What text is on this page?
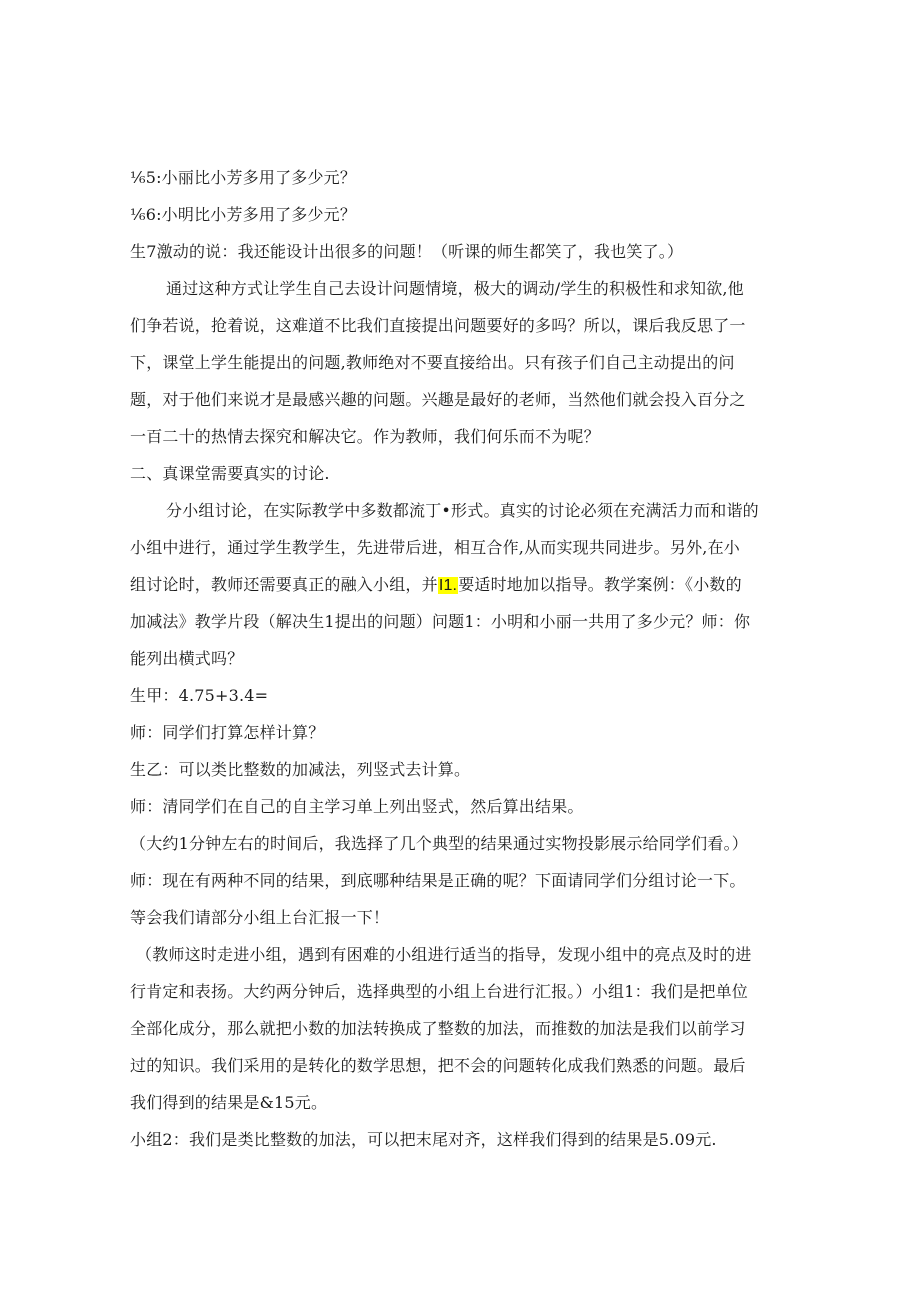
⅙5:小丽比小芳多用了多少元？
⅙6:小明比小芳多用了多少元？
生7激动的说：我还能设计出很多的问题！（听课的师生都笑了，我也笑了。）
通过这种方式让学生自己去设计问题情境，极大的调动/学生的积极性和求知欲,他
们争若说，抢着说，这难道不比我们直接提出问题要好的多吗？所以，课后我反思了一
下，课堂上学生能提出的问题,教师绝对不要直接给出。只有孩子们自己主动提出的问
题，对于他们来说才是最感兴趣的问题。兴趣是最好的老师，当然他们就会投入百分之
一百二十的热情去探究和解决它。作为教师，我们何乐而不为呢？
二、真课堂需要真实的讨论.
分小组讨论，在实际教学中多数都流丁•形式。真实的讨论必须在充满活力而和谐的
小组中进行，通过学生教学生，先进带后进，相互合作,从而实现共同进步。另外,在小
组讨论时，教师还需要真正的融入小组，并I1.要适时地加以指导。教学案例：《小数的
加减法》教学片段（解决生1提出的问题）问题1：小明和小丽一共用了多少元？师：你
能列出横式吗？
生甲：4.75+3.4=
师：同学们打算怎样计算？
生乙：可以类比整数的加减法，列竖式去计算。
师：清同学们在自己的自主学习单上列出竖式，然后算出结果。
（大约1分钟左右的时间后，我选择了几个典型的结果通过实物投影展示给同学们看。）
师：现在有两种不同的结果，到底哪种结果是正确的呢？下面请同学们分组讨论一下。
等会我们请部分小组上台汇报一下！
（教师这时走进小组，遇到有困难的小组进行适当的指导，发现小组中的亮点及时的进
行肯定和表扬。大约两分钟后，选择典型的小组上台进行汇报。）小组1：我们是把单位
全部化成分，那么就把小数的加法转换成了整数的加法，而推数的加法是我们以前学习
过的知识。我们采用的是转化的数学思想，把不会的问题转化成我们熟悉的问题。最后
我们得到的结果是&15元。
小组2：我们是类比整数的加法，可以把末尾对齐，这样我们得到的结果是5.09元.
